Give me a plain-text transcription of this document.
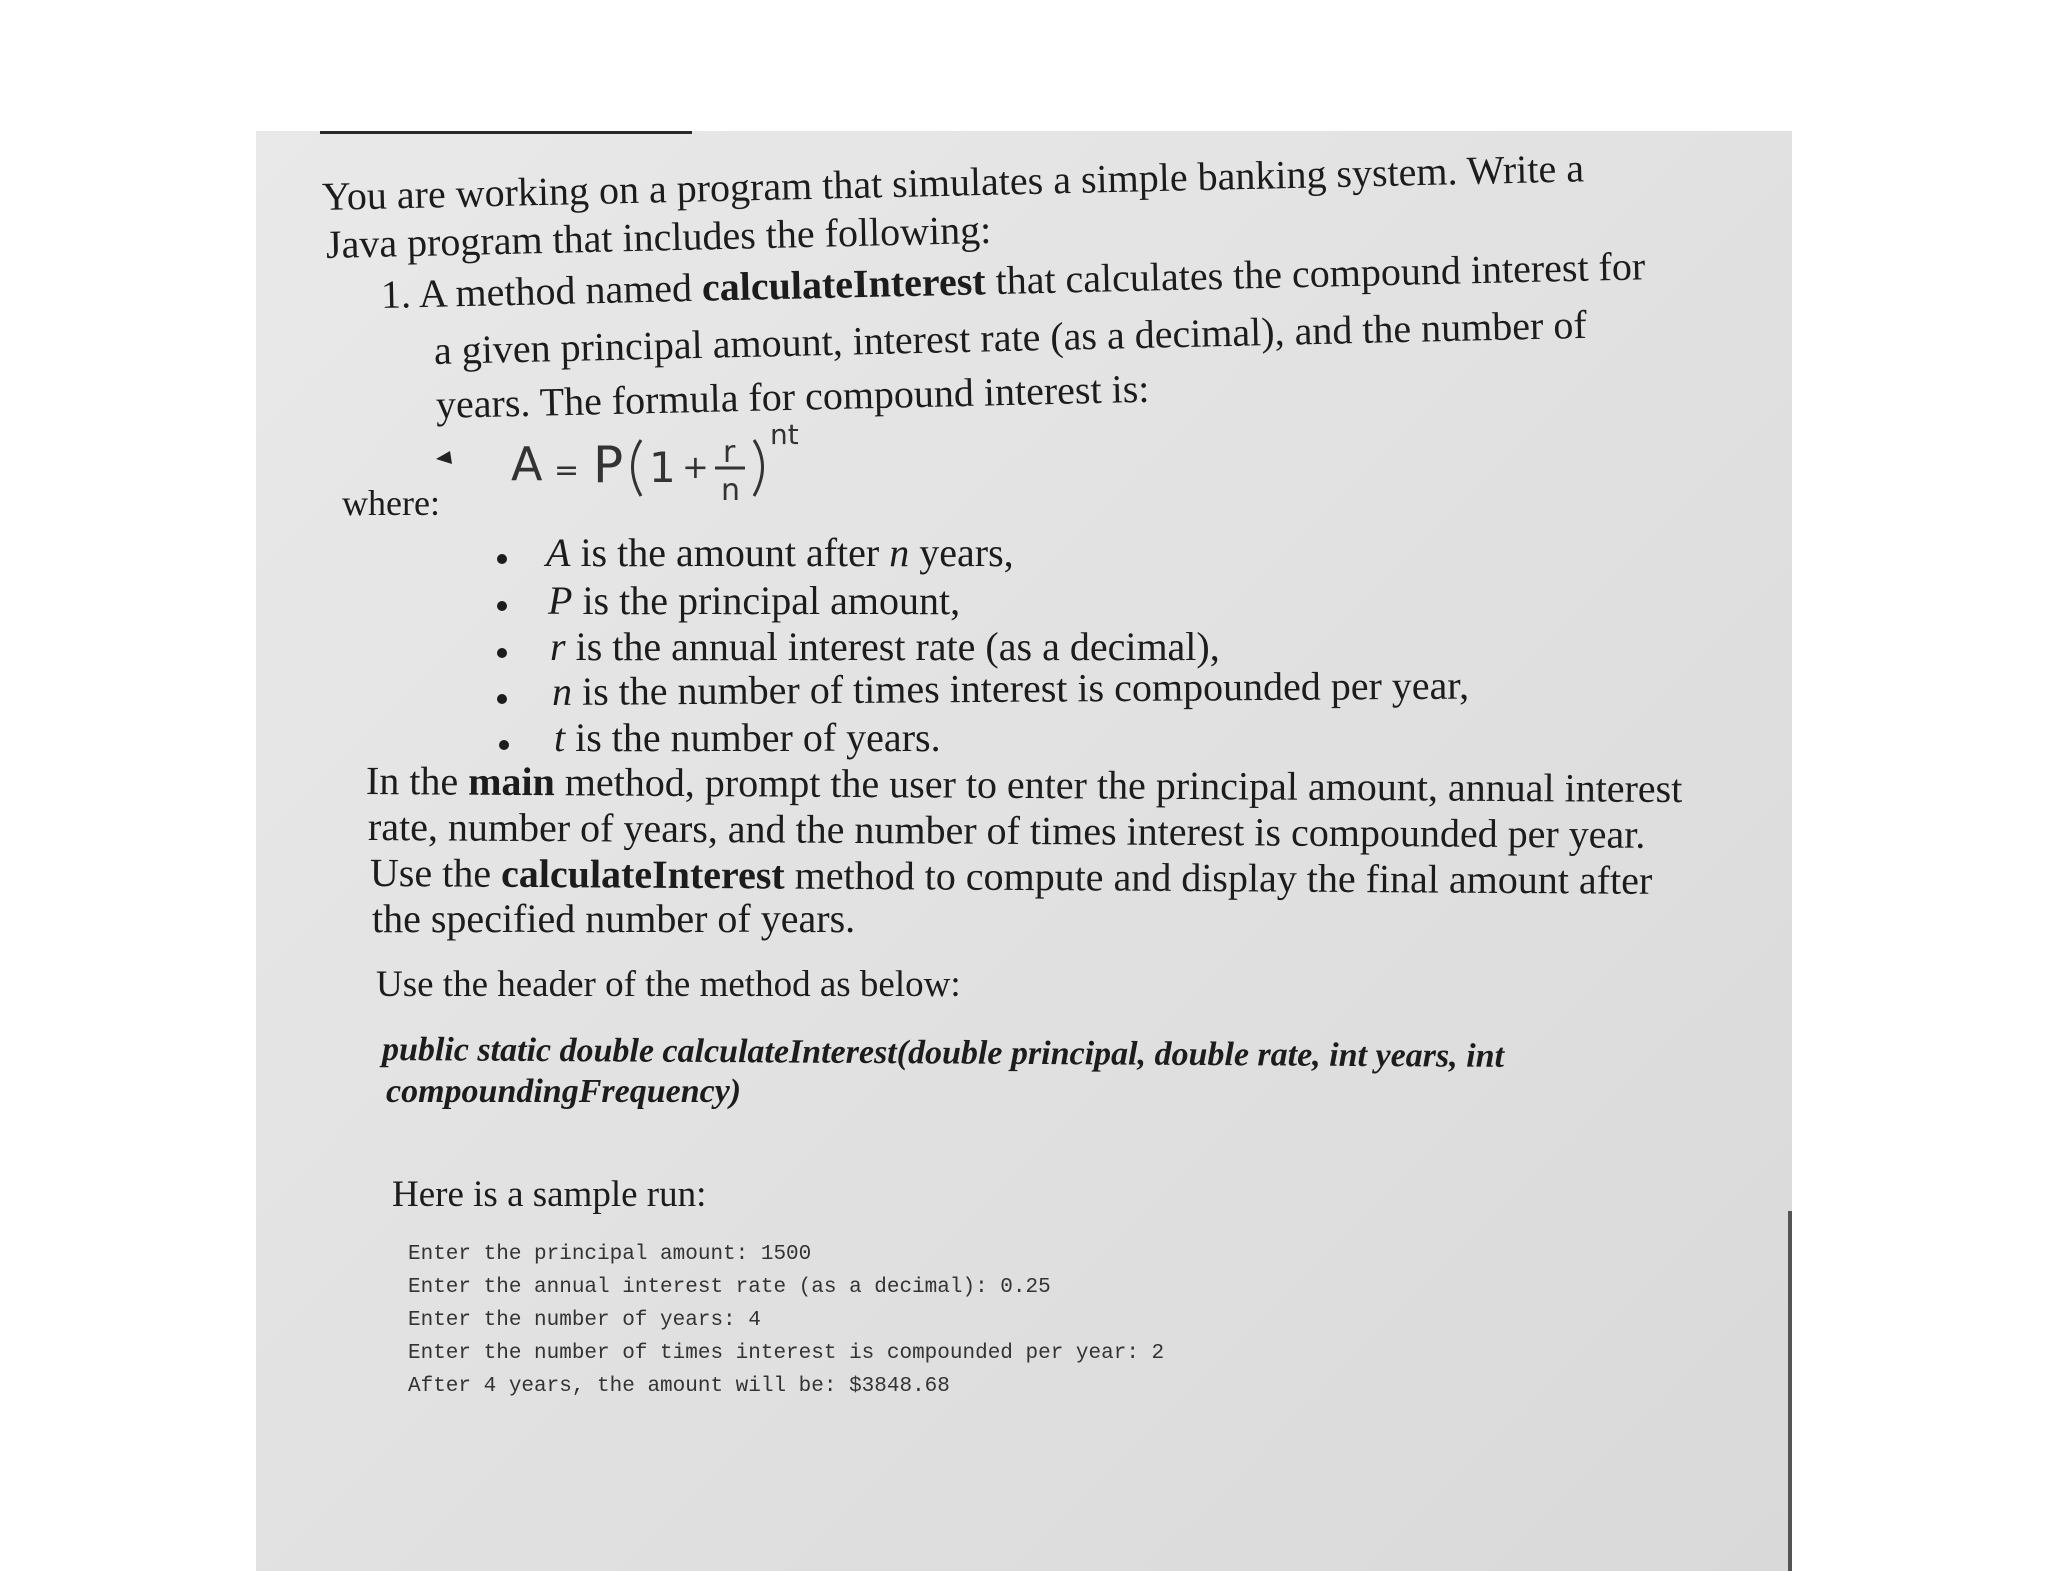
You are working on a program that simulates a simple banking system. Write a
Java program that includes the following:
1. A method named calculateInterest that calculates the compound interest for
a given principal amount, interest rate (as a decimal), and the number of
years. The formula for compound interest is:
A = P 1 + r
n
nt
where:
A is the amount after n years,
P is the principal amount,
r is the annual interest rate (as a decimal),
n is the number of times interest is compounded per year,
t is the number of years.
In the main method, prompt the user to enter the principal amount, annual interest
rate, number of years, and the number of times interest is compounded per year.
Use the calculateInterest method to compute and display the final amount after
the specified number of years.
Use the header of the method as below:
public static double calculateInterest(double principal, double rate, int years, int
compoundingFrequency)
Here is a sample run:
Enter the principal amount: 1500
Enter the annual interest rate (as a decimal): 0.25
Enter the number of years: 4
Enter the number of times interest is compounded per year: 2
After 4 years, the amount will be: $3848.68
